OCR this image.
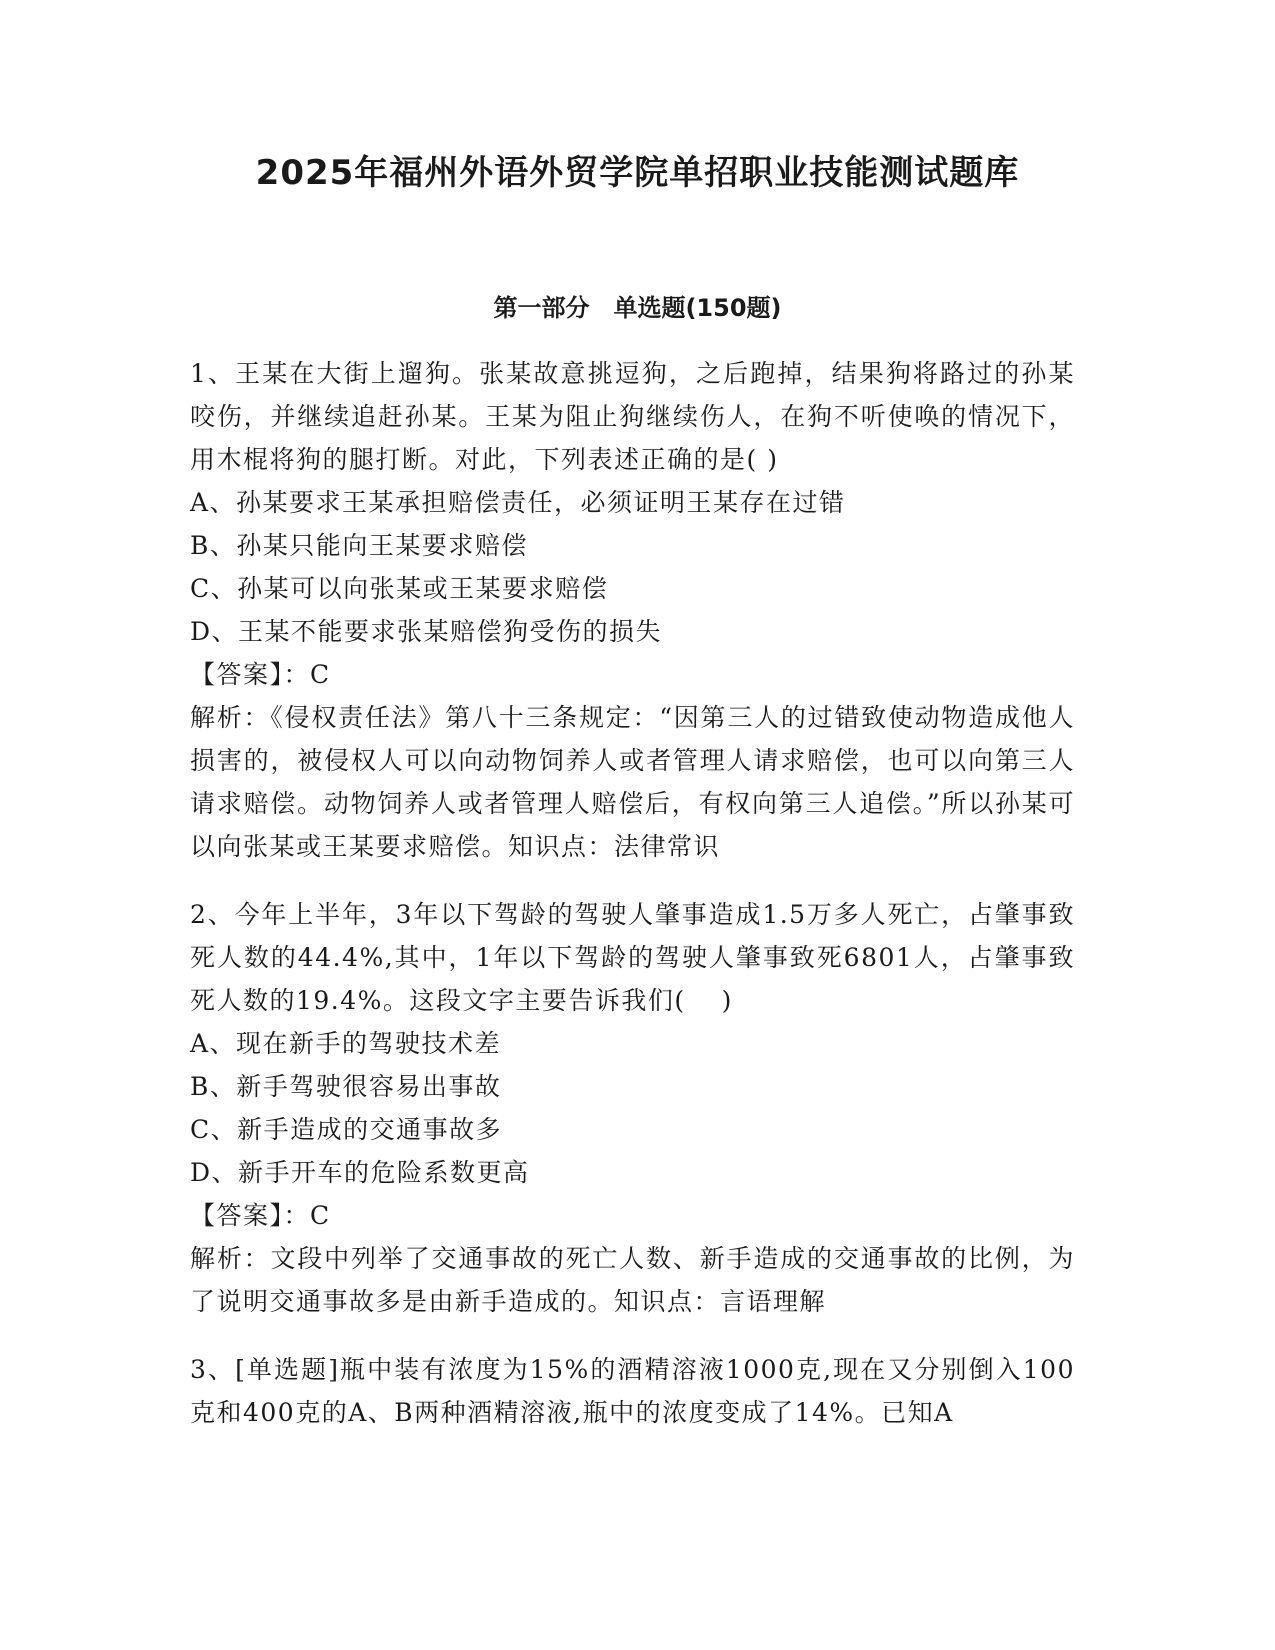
2025年福州外语外贸学院单招职业技能测试题库
第一部分　单选题(150题)

1、王某在大街上遛狗。张某故意挑逗狗，之后跑掉，结果狗将路过的孙某咬伤，并继续追赶孙某。王某为阻止狗继续伤人，在狗不听使唤的情况下，用木棍将狗的腿打断。对此，下列表述正确的是( )

A、孙某要求王某承担赔偿责任，必须证明王某存在过错

B、孙某只能向王某要求赔偿

C、孙某可以向张某或王某要求赔偿

D、王某不能要求张某赔偿狗受伤的损失

【答案】：C

解析：《侵权责任法》第八十三条规定：“因第三人的过错致使动物造成他人损害的，被侵权人可以向动物饲养人或者管理人请求赔偿，也可以向第三人请求赔偿。动物饲养人或者管理人赔偿后，有权向第三人追偿。”所以孙某可以向张某或王某要求赔偿。知识点：法律常识

2、今年上半年，3年以下驾龄的驾驶人肇事造成1.5万多人死亡，占肇事致死人数的44.4%,其中，1年以下驾龄的驾驶人肇事致死6801人，占肇事致死人数的19.4%。这段文字主要告诉我们(　 )

A、现在新手的驾驶技术差

B、新手驾驶很容易出事故

C、新手造成的交通事故多

D、新手开车的危险系数更高

【答案】：C

解析：文段中列举了交通事故的死亡人数、新手造成的交通事故的比例，为了说明交通事故多是由新手造成的。知识点：言语理解

3、[单选题]瓶中装有浓度为15%的酒精溶液1000克,现在又分别倒入100克和400克的A、B两种酒精溶液,瓶中的浓度变成了14%。已知A
